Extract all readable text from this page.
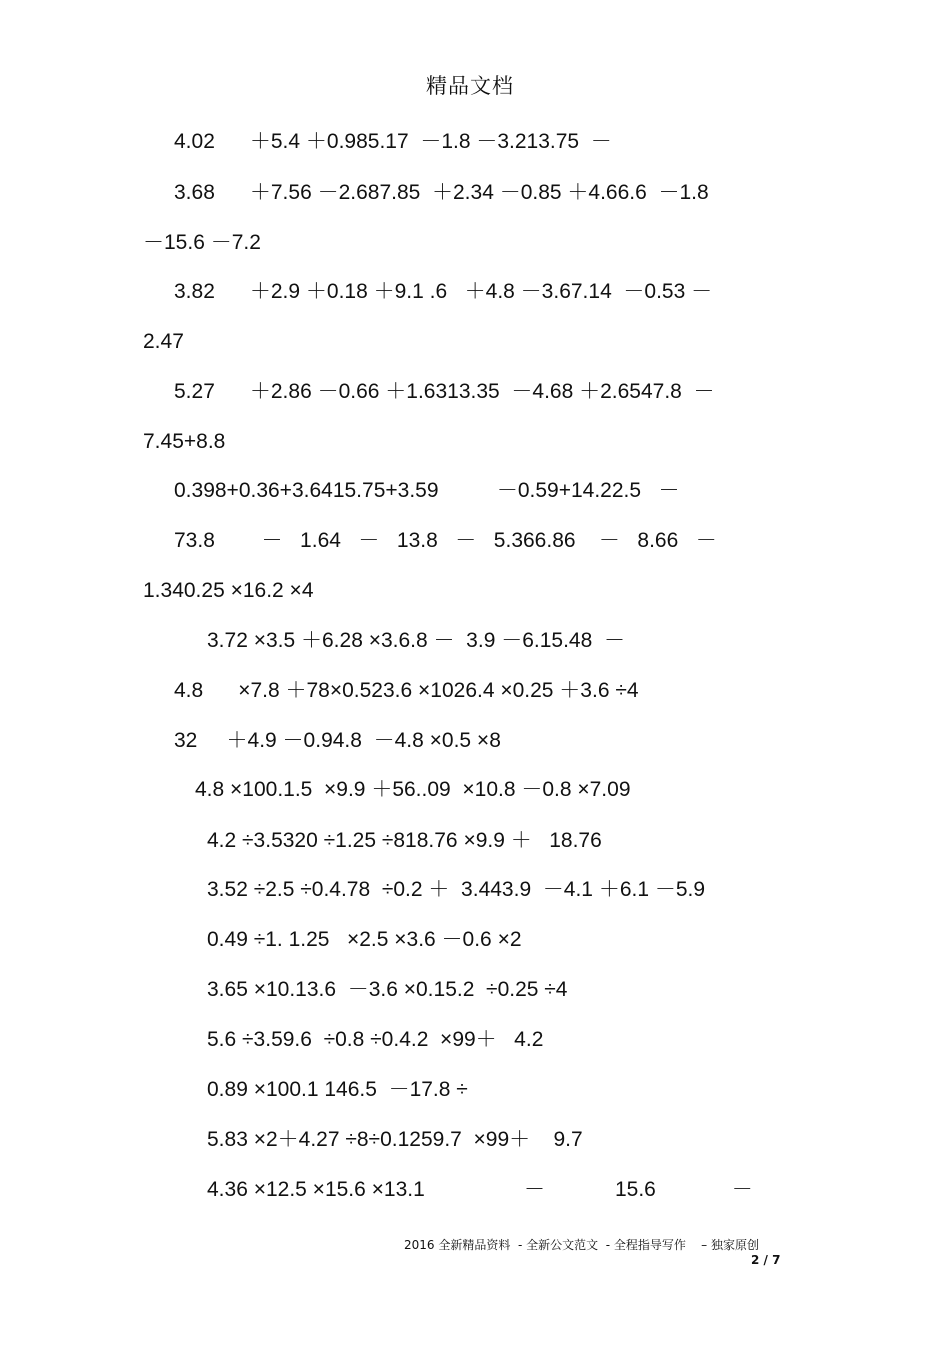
精品文档
4.02      ＋5.4 ＋0.985.17  －1.8 －3.213.75  －
3.68      ＋7.56 －2.687.85  ＋2.34 －0.85 ＋4.66.6  －1.8
－15.6 －7.2
3.82      ＋2.9 ＋0.18 ＋9.1 .6   ＋4.8 －3.67.14  －0.53 －
2.47
5.27      ＋2.86 －0.66 ＋1.6313.35  －4.68 ＋2.6547.8  －
7.45+8.8
0.398+0.36+3.6415.75+3.59          －0.59+14.22.5   －
73.8        －   1.64   －   13.8   －   5.366.86    －   8.66   －
1.340.25 ×16.2 ×4
3.72 ×3.5 ＋6.28 ×3.6.8 －  3.9 －6.15.48  －
4.8      ×7.8 ＋78×0.523.6 ×1026.4 ×0.25 ＋3.6 ÷4
32     ＋4.9 －0.94.8  －4.8 ×0.5 ×8
4.8 ×100.1.5  ×9.9 ＋56..09  ×10.8 －0.8 ×7.09
4.2 ÷3.5320 ÷1.25 ÷818.76 ×9.9 ＋   18.76
3.52 ÷2.5 ÷0.4.78  ÷0.2 ＋  3.443.9  －4.1 ＋6.1 －5.9
0.49 ÷1. 1.25   ×2.5 ×3.6 －0.6 ×2
3.65 ×10.13.6  －3.6 ×0.15.2  ÷0.25 ÷4
5.6 ÷3.59.6  ÷0.8 ÷0.4.2  ×99＋   4.2
0.89 ×100.1 146.5  －17.8 ÷
5.83 ×2＋4.27 ÷8÷0.1259.7  ×99＋    9.7
4.36 ×12.5 ×15.6 ×13.1                 －            15.6             －
2016 全新精品资料  - 全新公文范文  - 全程指导写作    – 独家原创
2 / 7
